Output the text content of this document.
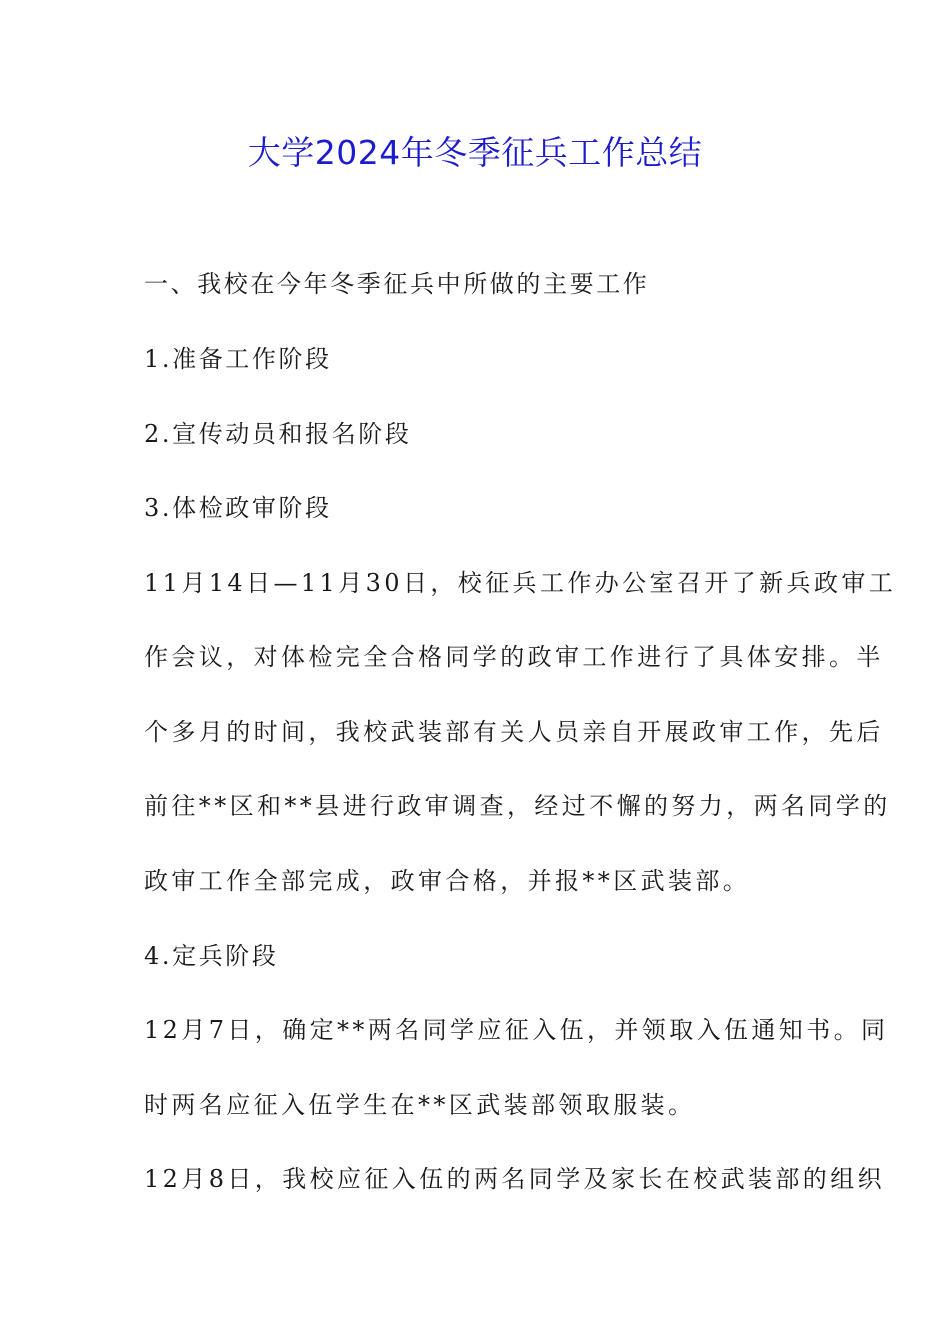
大学2024年冬季征兵工作总结

一、我校在今年冬季征兵中所做的主要工作

1.准备工作阶段

2.宣传动员和报名阶段

3.体检政审阶段

11月14日—11月30日，校征兵工作办公室召开了新兵政审工

作会议，对体检完全合格同学的政审工作进行了具体安排。半

个多月的时间，我校武装部有关人员亲自开展政审工作，先后

前往**区和**县进行政审调查，经过不懈的努力，两名同学的

政审工作全部完成，政审合格，并报**区武装部。

4.定兵阶段

12月7日，确定**两名同学应征入伍，并领取入伍通知书。同

时两名应征入伍学生在**区武装部领取服装。

12月8日，我校应征入伍的两名同学及家长在校武装部的组织
